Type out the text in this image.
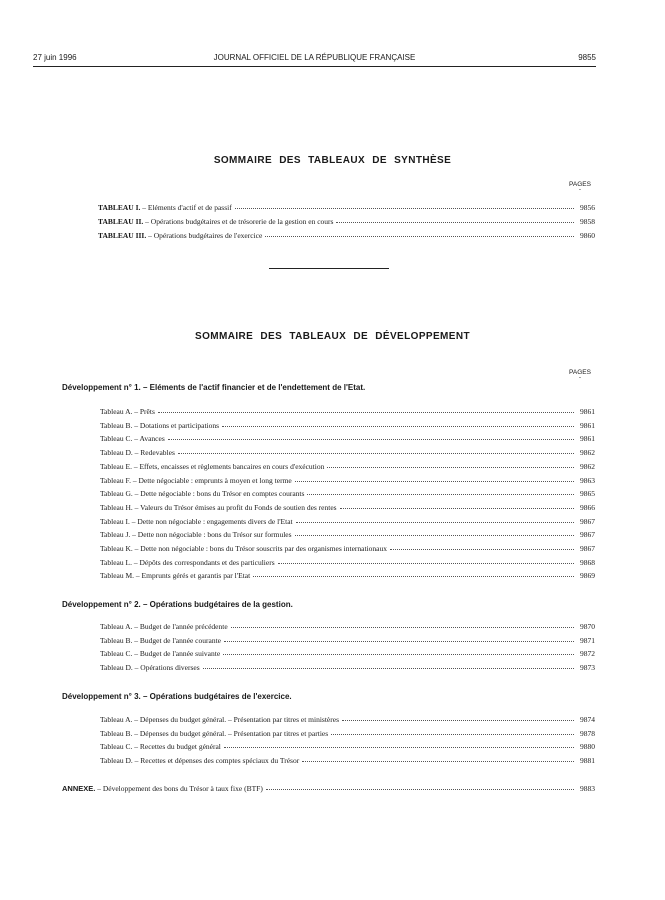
27 juin 1996	JOURNAL OFFICIEL DE LA RÉPUBLIQUE FRANÇAISE	9855
SOMMAIRE DES TABLEAUX DE SYNTHÈSE
PAGES
-
TABLEAU I. – Eléments d'actif et de passif	9856
TABLEAU II. – Opérations budgétaires et de trésorerie de la gestion en cours	9858
TABLEAU III. – Opérations budgétaires de l'exercice	9860
SOMMAIRE DES TABLEAUX DE DÉVELOPPEMENT
PAGES
-
Développement n° 1. – Eléments de l'actif financier et de l'endettement de l'Etat.
Tableau A. – Prêts	9861
Tableau B. – Dotations et participations	9861
Tableau C. – Avances	9861
Tableau D. – Redevables	9862
Tableau E. – Effets, encaisses et règlements bancaires en cours d'exécution	9862
Tableau F. – Dette négociable : emprunts à moyen et long terme	9863
Tableau G. – Dette négociable : bons du Trésor en comptes courants	9865
Tableau H. – Valeurs du Trésor émises au profit du Fonds de soutien des rentes	9866
Tableau I. – Dette non négociable : engagements divers de l'Etat	9867
Tableau J. – Dette non négociable : bons du Trésor sur formules	9867
Tableau K. – Dette non négociable : bons du Trésor souscrits par des organismes internationaux	9867
Tableau L. – Dépôts des correspondants et des particuliers	9868
Tableau M. – Emprunts gérés et garantis par l'Etat	9869
Développement n° 2. – Opérations budgétaires de la gestion.
Tableau A. – Budget de l'année précédente	9870
Tableau B. – Budget de l'année courante	9871
Tableau C. – Budget de l'année suivante	9872
Tableau D. – Opérations diverses	9873
Développement n° 3. – Opérations budgétaires de l'exercice.
Tableau A. – Dépenses du budget général. – Présentation par titres et ministères	9874
Tableau B. – Dépenses du budget général. – Présentation par titres et parties	9878
Tableau C. – Recettes du budget général	9880
Tableau D. – Recettes et dépenses des comptes spéciaux du Trésor	9881
ANNEXE. – Développement des bons du Trésor à taux fixe (BTF)	9883
